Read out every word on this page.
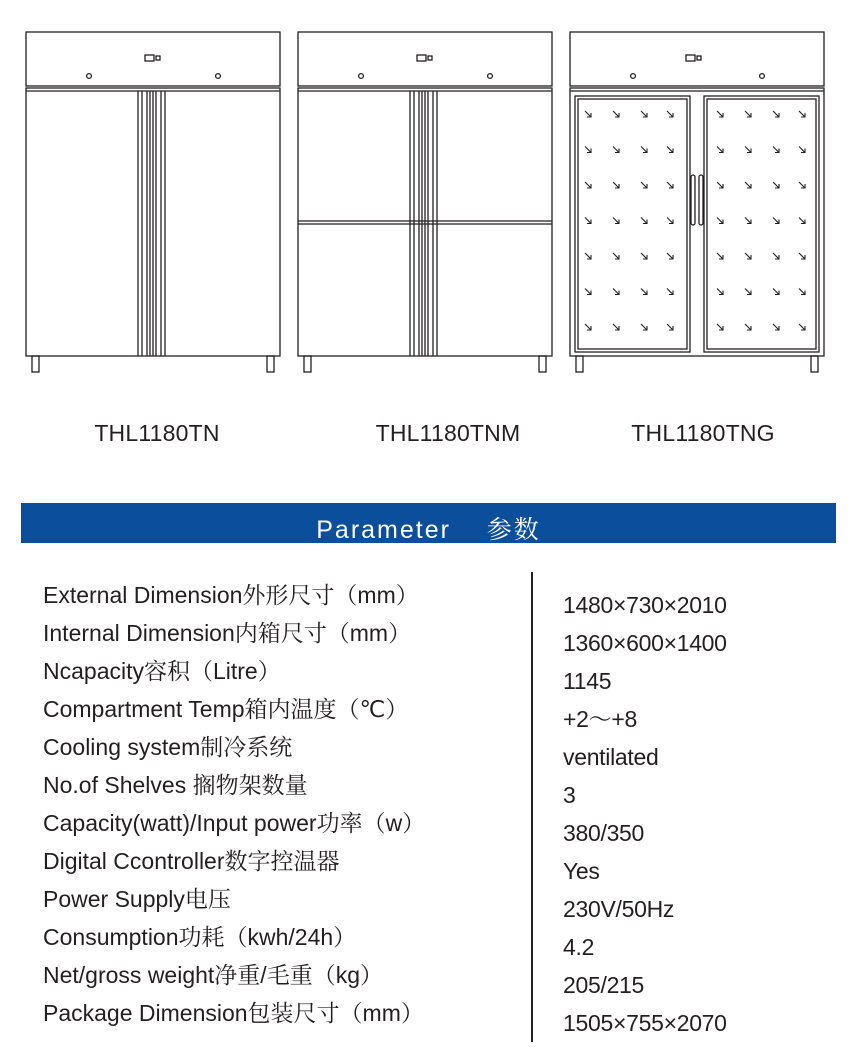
THL1180TN	THL1180TNM	THL1180TNG
Parameter    参数
External Dimension外形尺寸（mm）
Internal Dimension内箱尺寸（mm）
Ncapacity容积（Litre）
Compartment Temp箱内温度（℃）
Cooling system制冷系统
No.of Shelves 搁物架数量
Capacity(watt)/Input power功率（w）
Digital Ccontroller数字控温器
Power Supply电压
Consumption功耗（kwh/24h）
Net/gross weight净重/毛重（kg）
Package Dimension包装尺寸（mm）
1480×730×2010
1360×600×1400
1145
+2～+8
ventilated
3
380/350
Yes
230V/50Hz
4.2
205/215
1505×755×2070
